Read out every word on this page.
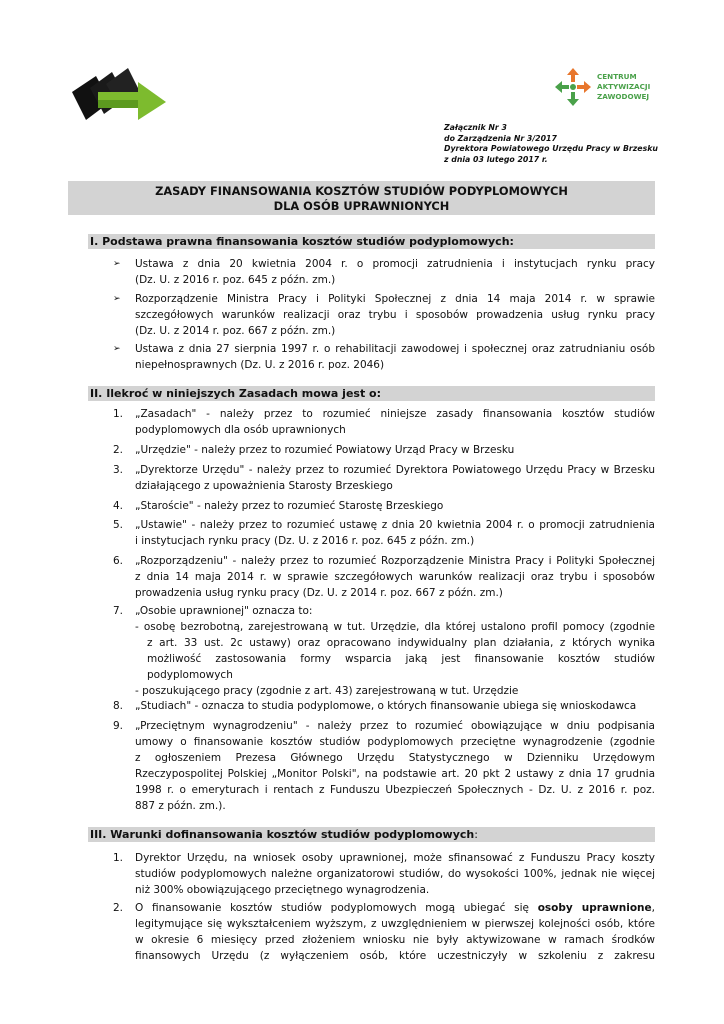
CENTRUM
AKTYWIZACJI
ZAWODOWEJ
Załącznik Nr 3
do Zarządzenia Nr 3/2017
Dyrektora Powiatowego Urzędu Pracy w Brzesku
z dnia 03 lutego 2017 r.
ZASADY FINANSOWANIA KOSZTÓW STUDIÓW PODYPLOMOWYCH
DLA OSÓB UPRAWNIONYCH
I. Podstawa prawna finansowania kosztów studiów podyplomowych:
➢ Ustawa z dnia 20 kwietnia 2004 r. o promocji zatrudnienia i instytucjach rynku pracy
(Dz. U. z 2016 r. poz. 645 z późn. zm.)
➢ Rozporządzenie Ministra Pracy i Polityki Społecznej z dnia 14 maja 2014 r. w sprawie
szczegółowych warunków realizacji oraz trybu i sposobów prowadzenia usług rynku pracy
(Dz. U. z 2014 r. poz. 667 z późn. zm.)
➢ Ustawa z dnia 27 sierpnia 1997 r. o rehabilitacji zawodowej i społecznej oraz zatrudnianiu osób
niepełnosprawnych (Dz. U. z 2016 r. poz. 2046)
II. Ilekroć w niniejszych Zasadach mowa jest o:
1. „Zasadach" - należy przez to rozumieć niniejsze zasady finansowania kosztów studiów
podyplomowych dla osób uprawnionych
2. „Urzędzie" - należy przez to rozumieć Powiatowy Urząd Pracy w Brzesku
3. „Dyrektorze Urzędu" - należy przez to rozumieć Dyrektora Powiatowego Urzędu Pracy w Brzesku
działającego z upoważnienia Starosty Brzeskiego
4. „Staroście" - należy przez to rozumieć Starostę Brzeskiego
5. „Ustawie" - należy przez to rozumieć ustawę z dnia 20 kwietnia 2004 r. o promocji zatrudnienia
i instytucjach rynku pracy (Dz. U. z 2016 r. poz. 645 z późn. zm.)
6. „Rozporządzeniu" - należy przez to rozumieć Rozporządzenie Ministra Pracy i Polityki Społecznej
z dnia 14 maja 2014 r. w sprawie szczegółowych warunków realizacji oraz trybu i sposobów
prowadzenia usług rynku pracy (Dz. U. z 2014 r. poz. 667 z późn. zm.)
7. „Osobie uprawnionej" oznacza to:
- osobę bezrobotną, zarejestrowaną w tut. Urzędzie, dla której ustalono profil pomocy (zgodnie
z art. 33 ust. 2c ustawy) oraz opracowano indywidualny plan działania, z których wynika
możliwość zastosowania formy wsparcia jaką jest finansowanie kosztów studiów
podyplomowych
- poszukującego pracy (zgodnie z art. 43) zarejestrowaną w tut. Urzędzie
8. „Studiach" - oznacza to studia podyplomowe, o których finansowanie ubiega się wnioskodawca
9. „Przeciętnym wynagrodzeniu" - należy przez to rozumieć obowiązujące w dniu podpisania
umowy o finansowanie kosztów studiów podyplomowych przeciętne wynagrodzenie (zgodnie
z ogłoszeniem Prezesa Głównego Urzędu Statystycznego w Dzienniku Urzędowym
Rzeczypospolitej Polskiej „Monitor Polski", na podstawie art. 20 pkt 2 ustawy z dnia 17 grudnia
1998 r. o emeryturach i rentach z Funduszu Ubezpieczeń Społecznych - Dz. U. z 2016 r. poz.
887 z późn. zm.).
III. Warunki dofinansowania kosztów studiów podyplomowych:
1. Dyrektor Urzędu, na wniosek osoby uprawnionej, może sfinansować z Funduszu Pracy koszty
studiów podyplomowych należne organizatorowi studiów, do wysokości 100%, jednak nie więcej
niż 300% obowiązującego przeciętnego wynagrodzenia.
2. O finansowanie kosztów studiów podyplomowych mogą ubiegać się osoby uprawnione,
legitymujące się wykształceniem wyższym, z uwzględnieniem w pierwszej kolejności osób, które
w okresie 6 miesięcy przed złożeniem wniosku nie były aktywizowane w ramach środków
finansowych Urzędu (z wyłączeniem osób, które uczestniczyły w szkoleniu z zakresu
